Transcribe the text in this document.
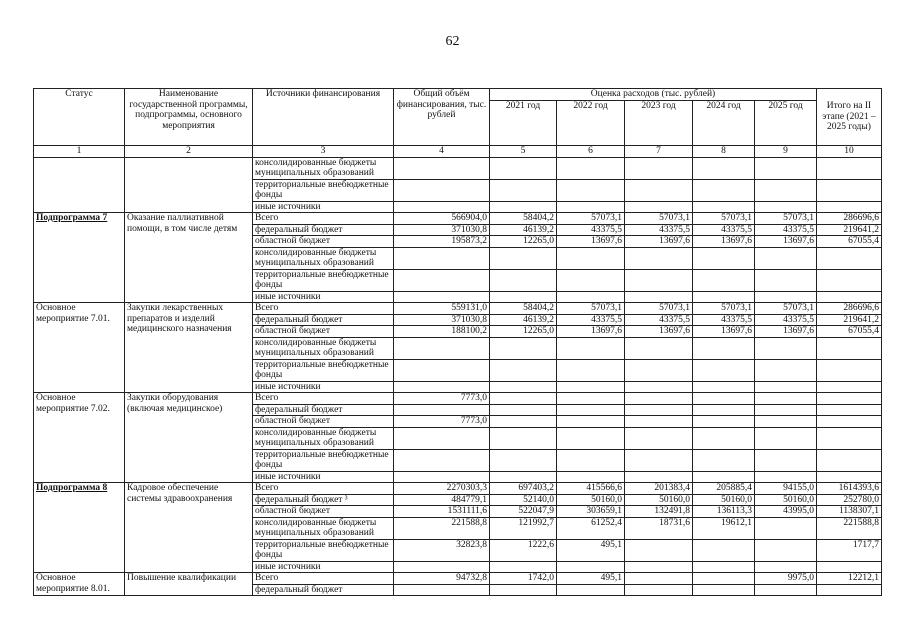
62
Статус	Наименование государственной программы, подпрограммы, основного мероприятия	Источники финансирования	Общий объём финансирования, тыс. рублей	Оценка расходов (тыс. рублей)					Итого на II этапе (2021 – 2025 годы)
				2021 год	2022 год	2023 год	2024 год	2025 год	
1	2	3	4	5	6	7	8	9	10
		консолидированные бюджеты муниципальных образований							
		территориальные внебюджетные фонды							
		иные источники							
Подпрограмма 7	Оказание паллиативной помощи, в том числе детям	Всего	566904,0	58404,2	57073,1	57073,1	57073,1	57073,1	286696,6
		федеральный бюджет	371030,8	46139,2	43375,5	43375,5	43375,5	43375,5	219641,2
		областной бюджет	195873,2	12265,0	13697,6	13697,6	13697,6	13697,6	67055,4
		консолидированные бюджеты муниципальных образований							
		территориальные внебюджетные фонды							
		иные источники							
Основное мероприятие 7.01.	Закупки лекарственных препаратов и изделий медицинского назначения	Всего	559131,0	58404,2	57073,1	57073,1	57073,1	57073,1	286696,6
		федеральный бюджет	371030,8	46139,2	43375,5	43375,5	43375,5	43375,5	219641,2
		областной бюджет	188100,2	12265,0	13697,6	13697,6	13697,6	13697,6	67055,4
		консолидированные бюджеты муниципальных образований							
		территориальные внебюджетные фонды							
		иные источники							
Основное мероприятие 7.02.	Закупки оборудования (включая медицинское)	Всего	7773,0						
		федеральный бюджет							
		областной бюджет	7773,0						
		консолидированные бюджеты муниципальных образований							
		территориальные внебюджетные фонды							
		иные источники							
Подпрограмма 8	Кадровое обеспечение системы здравоохранения	Всего	2270303,3	697403,2	415566,6	201383,4	205885,4	94155,0	1614393,6
		федеральный бюджет ³	484779,1	52140,0	50160,0	50160,0	50160,0	50160,0	252780,0
		областной бюджет	1531111,6	522047,9	303659,1	132491,8	136113,3	43995,0	1138307,1
		консолидированные бюджеты муниципальных образований	221588,8	121992,7	61252,4	18731,6	19612,1		221588,8
		территориальные внебюджетные фонды	32823,8	1222,6	495,1				1717,7
		иные источники							
Основное мероприятие 8.01.	Повышение квалификации	Всего	94732,8	1742,0	495,1			9975,0	12212,1
		федеральный бюджет							
